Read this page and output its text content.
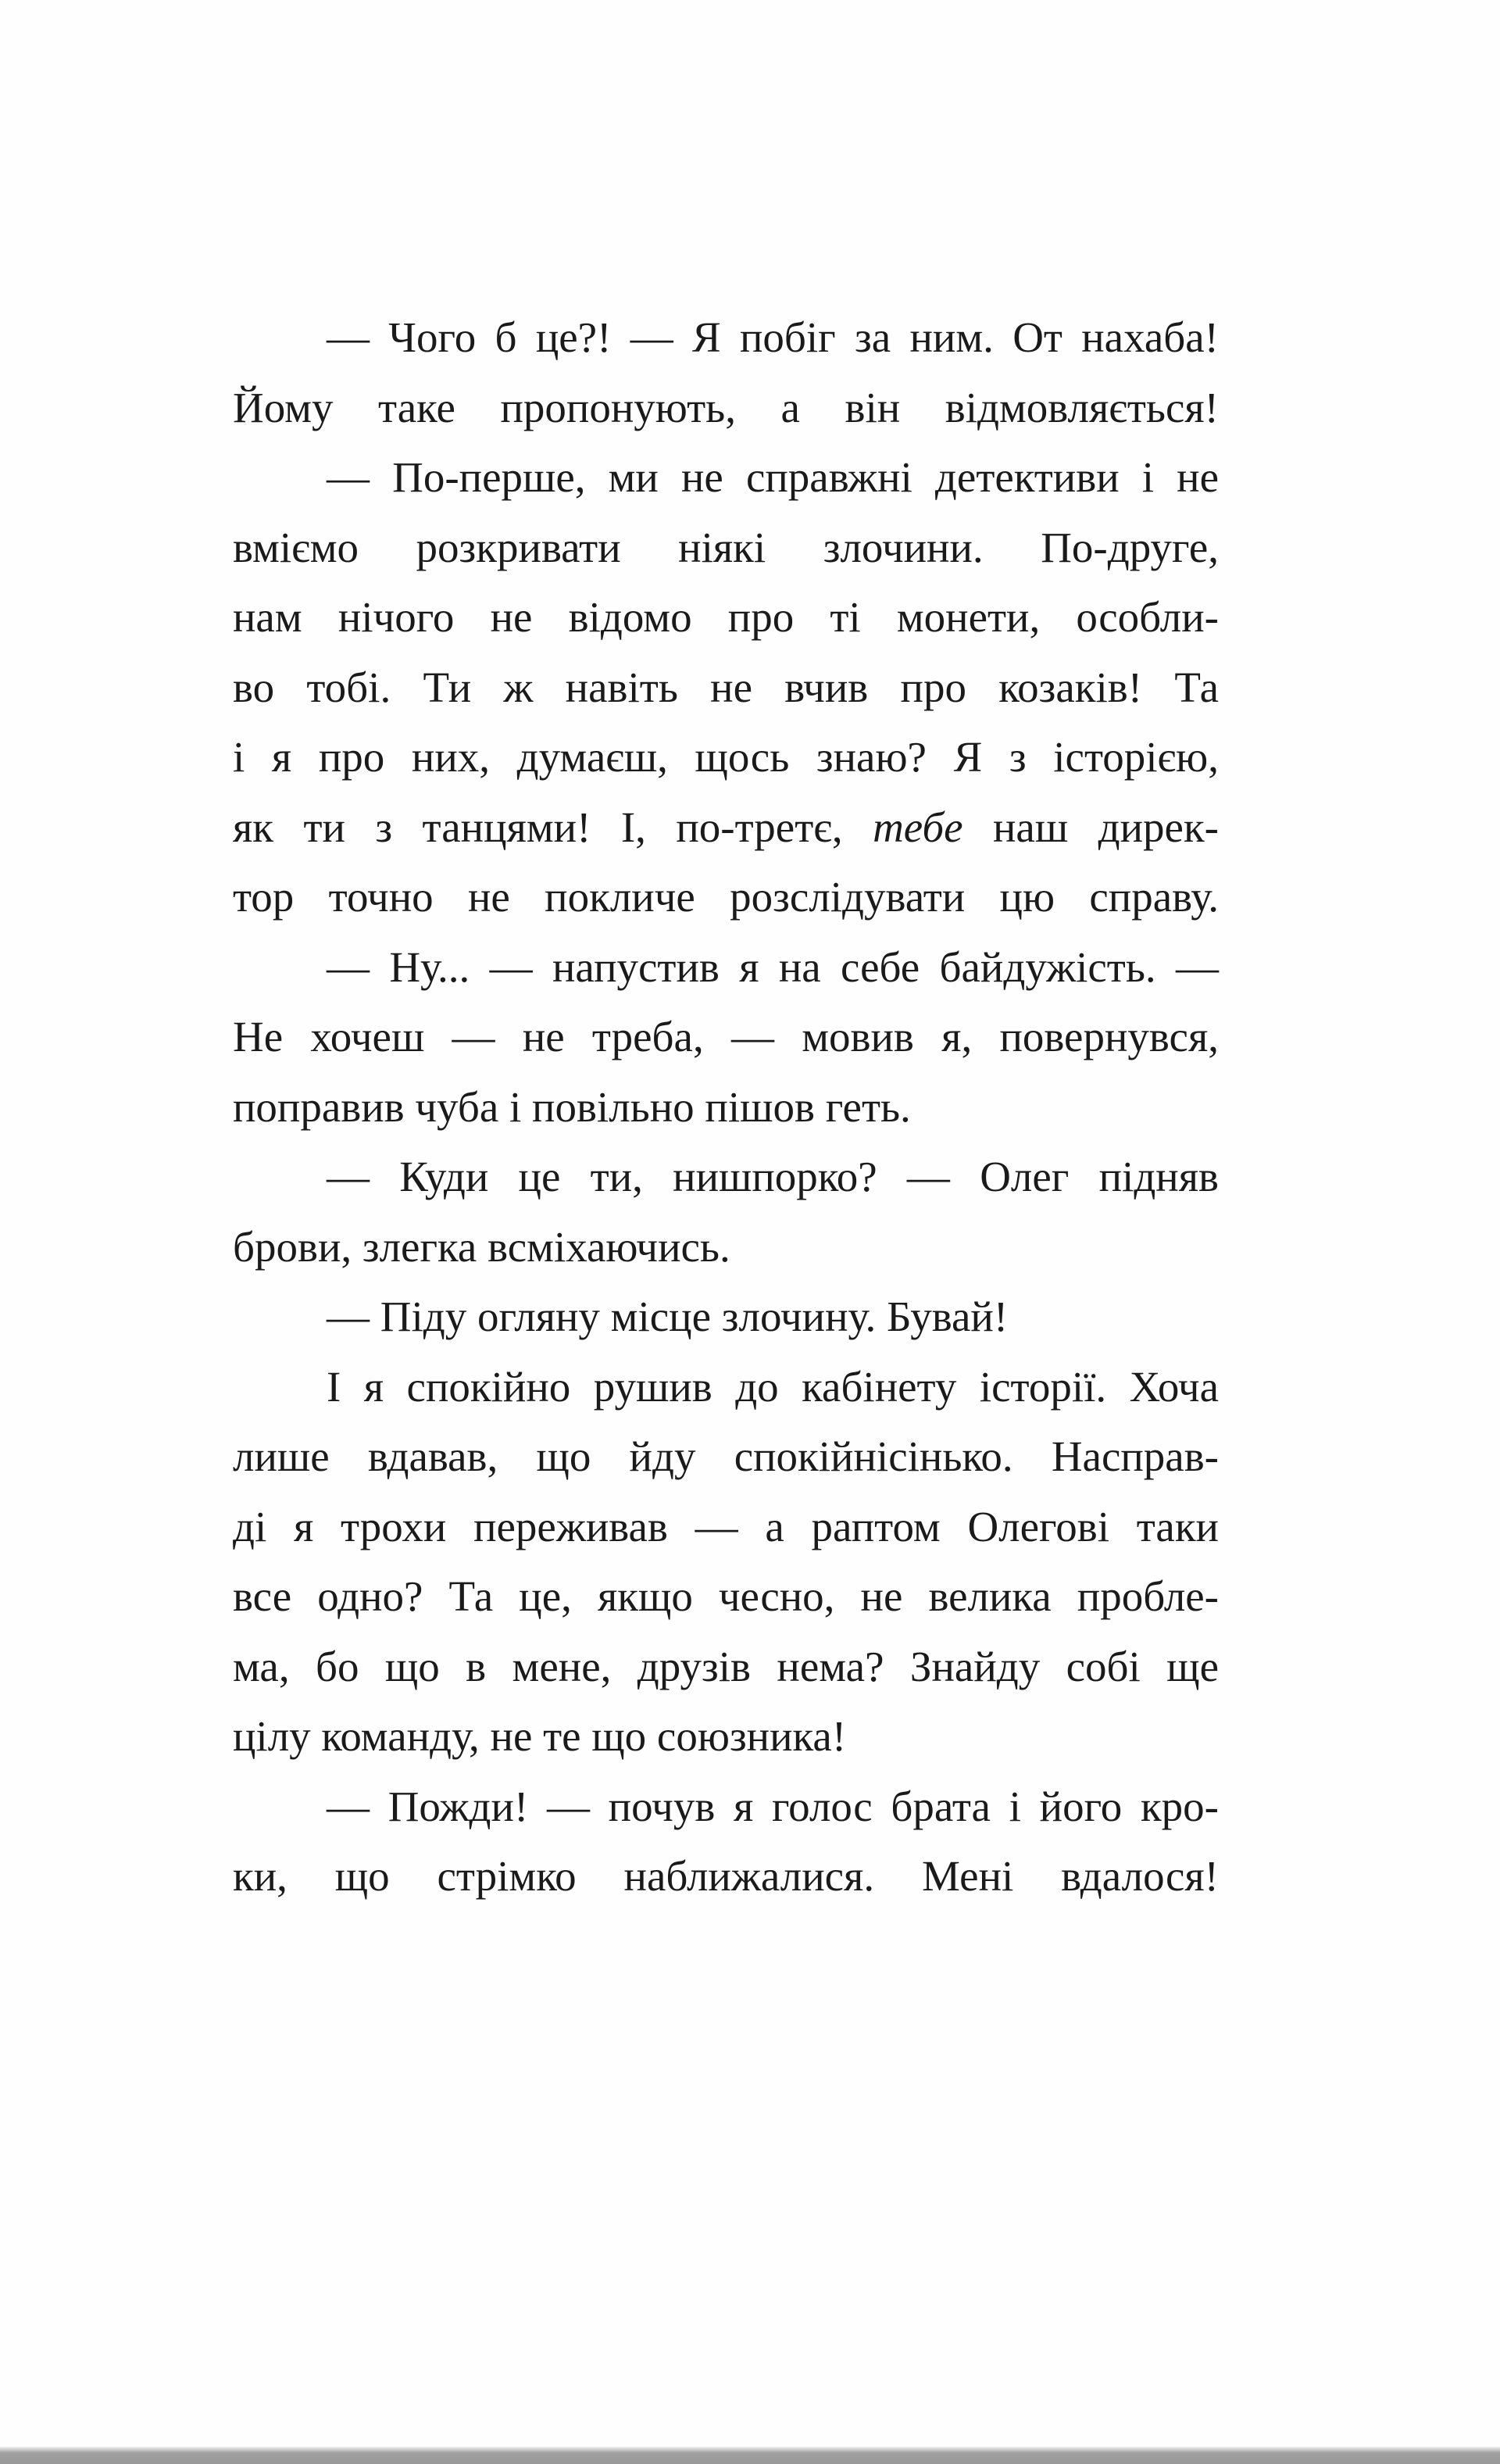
— Чого б це?! — Я побіг за ним. От нахаба!
Йому таке пропонують, а він відмовляється!
— По-перше, ми не справжні детективи і не
вміємо розкривати ніякі злочини. По-друге,
нам нічого не відомо про ті монети, особли-
во тобі. Ти ж навіть не вчив про козаків! Та
і я про них, думаєш, щось знаю? Я з історією,
як ти з танцями! І, по-третє, тебе наш дирек-
тор точно не покличе розслідувати цю справу.
— Ну... — напустив я на себе байдужість. —
Не хочеш — не треба, — мовив я, повернувся,
поправив чуба і повільно пішов геть.
— Куди це ти, нишпорко? — Олег підняв
брови, злегка всміхаючись.
— Піду огляну місце злочину. Бувай!
І я спокійно рушив до кабінету історії. Хоча
лише вдавав, що йду спокійнісінько. Насправ-
ді я трохи переживав — а раптом Олегові таки
все одно? Та це, якщо чесно, не велика пробле-
ма, бо що в мене, друзів нема? Знайду собі ще
цілу команду, не те що союзника!
— Пожди! — почув я голос брата і його кро-
ки, що стрімко наближалися. Мені вдалося!
